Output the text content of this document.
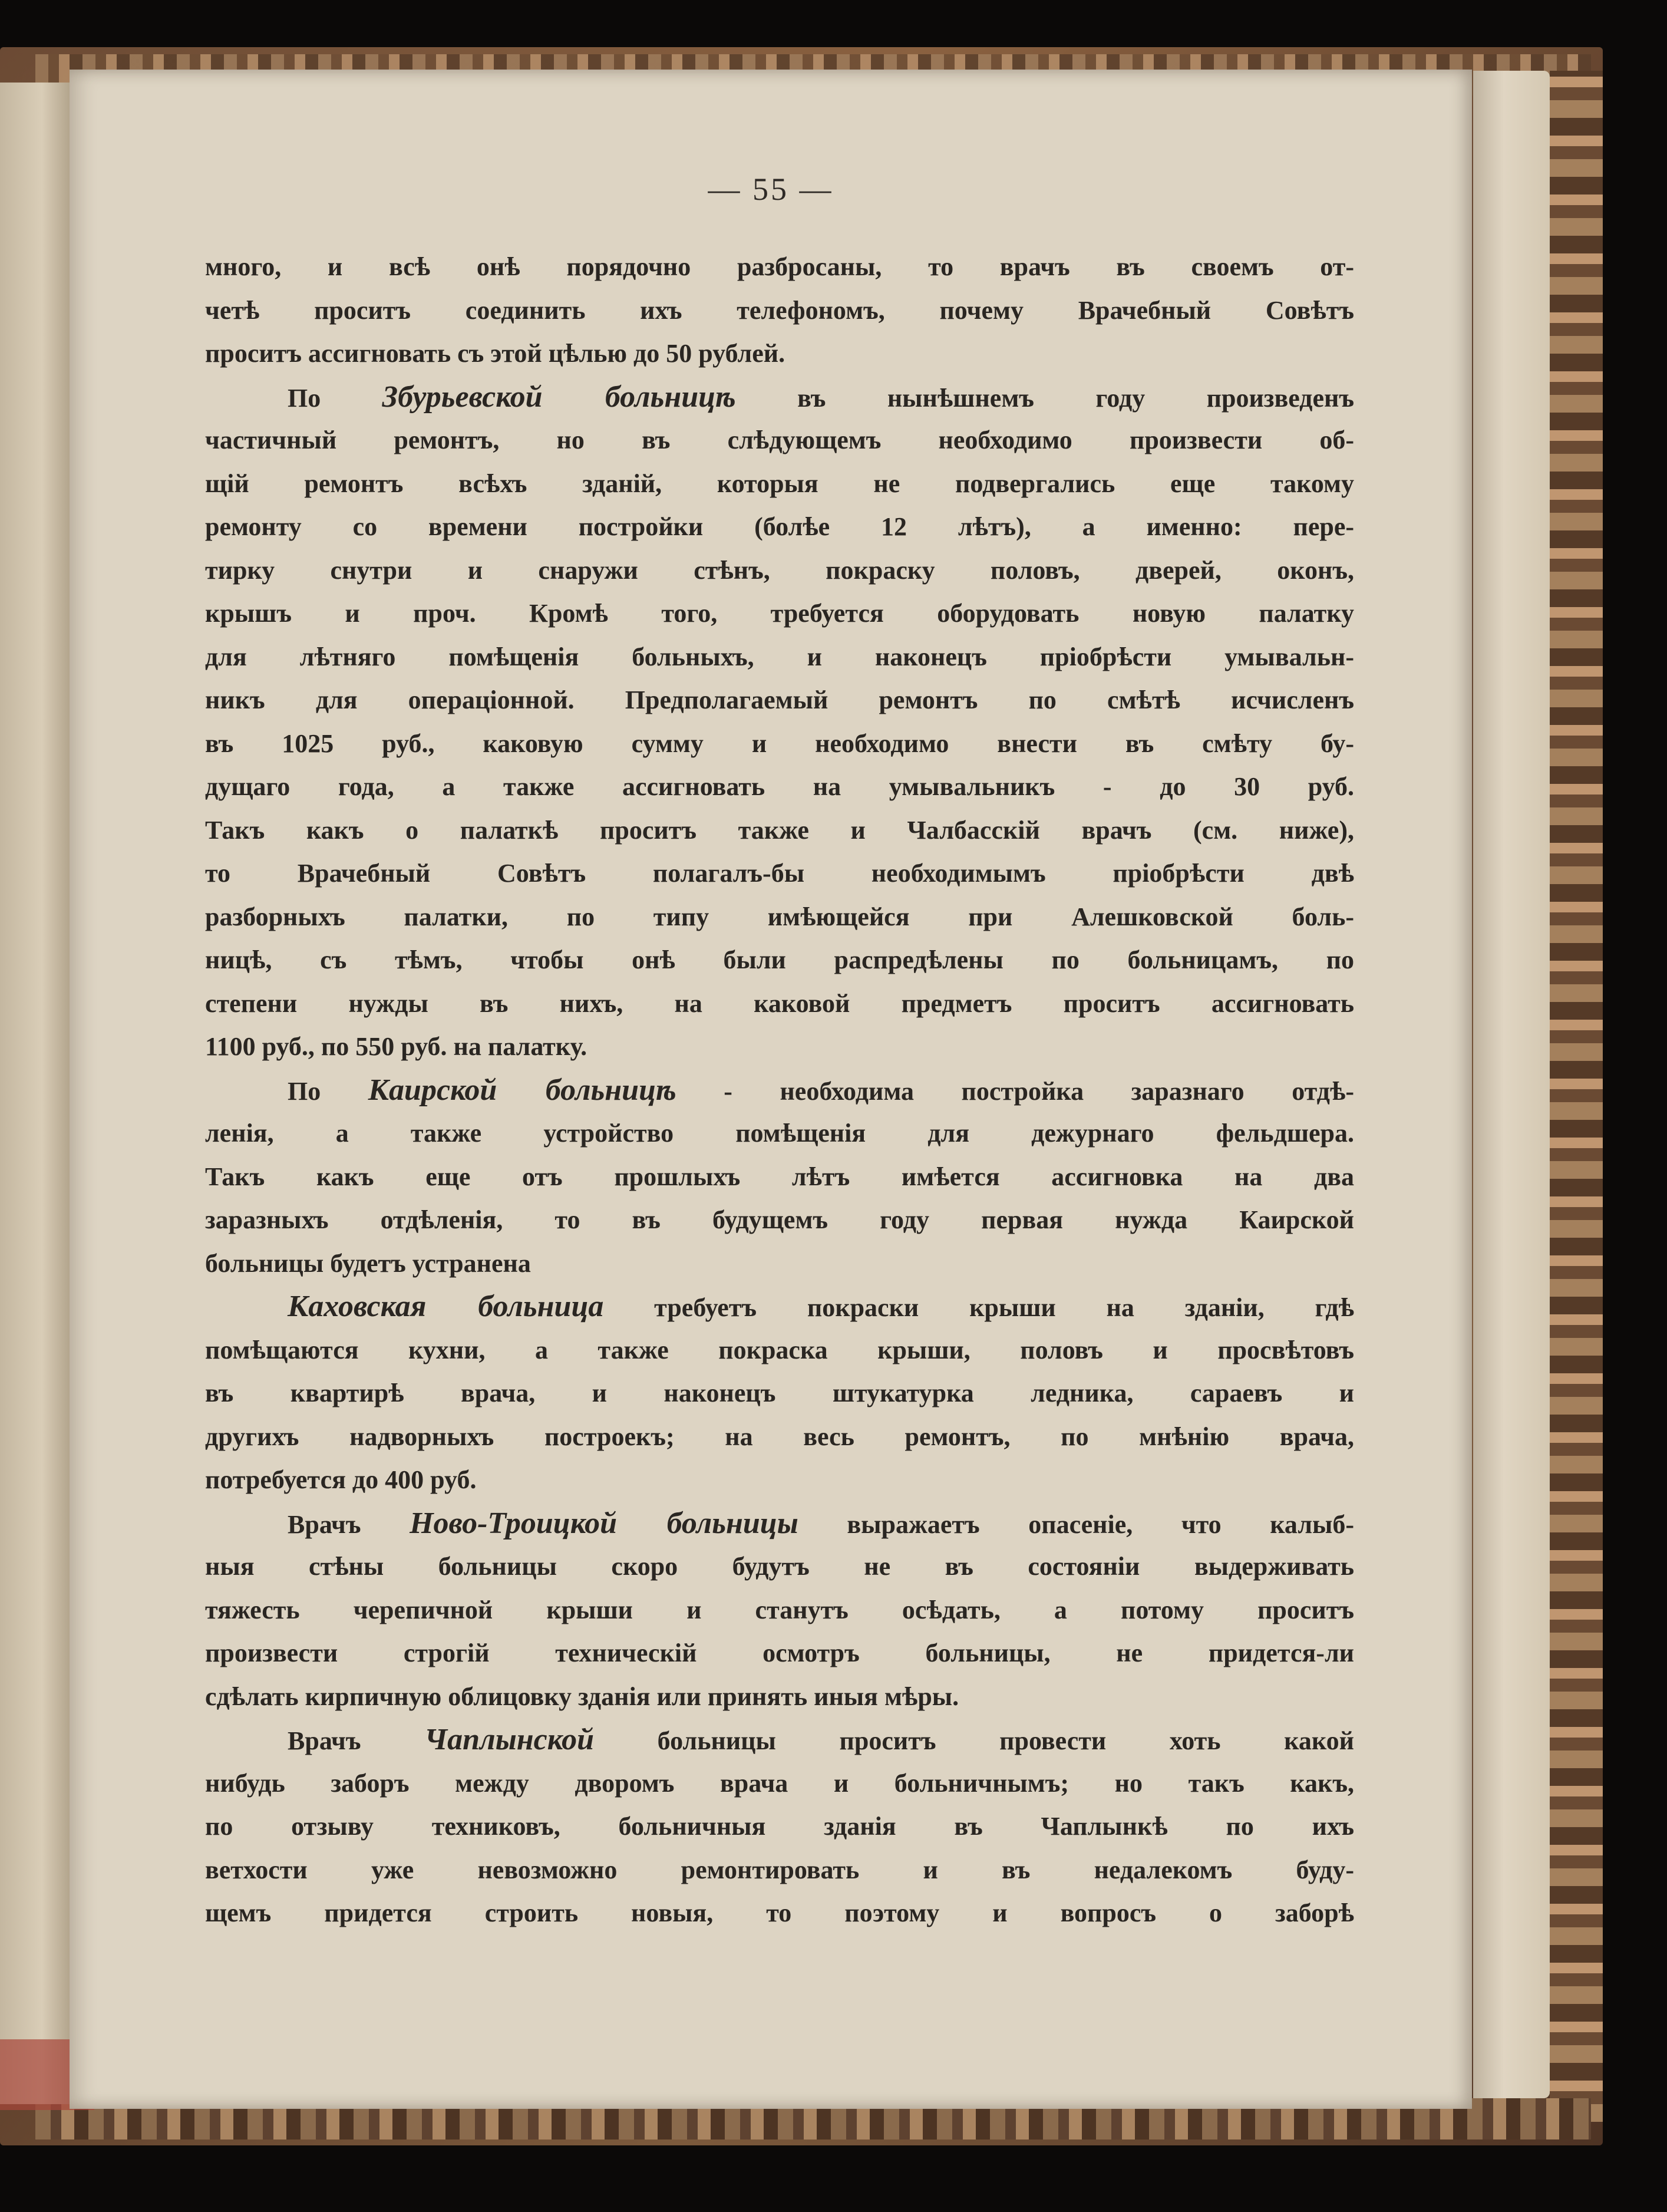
— 55 —
много, и всѣ онѣ порядочно разбросаны, то врачъ въ своемъ от-
четѣ проситъ соединить ихъ телефономъ, почему Врачебный Совѣтъ
проситъ ассигновать съ этой цѣлью до 50 рублей.
По Збурьевской больницѣ въ нынѣшнемъ году произведенъ
частичный ремонтъ, но въ слѣдующемъ необходимо произвести об-
щій ремонтъ всѣхъ зданій, которыя не подвергались еще такому
ремонту со времени постройки (болѣе 12 лѣтъ), а именно: пере-
тирку снутри и снаружи стѣнъ, покраску половъ, дверей, оконъ,
крышъ и проч. Кромѣ того, требуется оборудовать новую палатку
для лѣтняго помѣщенія больныхъ, и наконецъ пріобрѣсти умывальн-
никъ для операціонной. Предполагаемый ремонтъ по смѣтѣ исчисленъ
въ 1025 руб., каковую сумму и необходимо внести въ смѣту бу-
дущаго года, а также ассигновать на умывальникъ - до 30 руб.
Такъ какъ о палаткѣ проситъ также и Чалбасскій врачъ (см. ниже),
то Врачебный Совѣтъ полагалъ-бы необходимымъ пріобрѣсти двѣ
разборныхъ палатки, по типу имѣющейся при Алешковской боль-
ницѣ, съ тѣмъ, чтобы онѣ были распредѣлены по больницамъ, по
степени нужды въ нихъ, на каковой предметъ проситъ ассигновать
1100 руб., по 550 руб. на палатку.
По Каирской больницѣ - необходима постройка заразнаго отдѣ-
ленія, а также устройство помѣщенія для дежурнаго фельдшера.
Такъ какъ еще отъ прошлыхъ лѣтъ имѣется ассигновка на два
заразныхъ отдѣленія, то въ будущемъ году первая нужда Каирской
больницы будетъ устранена
Каховская больница требуетъ покраски крыши на зданіи, гдѣ
помѣщаются кухни, а также покраска крыши, половъ и просвѣтовъ
въ квартирѣ врача, и наконецъ штукатурка ледника, сараевъ и
другихъ надворныхъ построекъ; на весь ремонтъ, по мнѣнію врача,
потребуется до 400 руб.
Врачъ Ново-Троицкой больницы выражаетъ опасеніе, что калыб-
ныя стѣны больницы скоро будутъ не въ состояніи выдерживать
тяжесть черепичной крыши и станутъ осѣдать, а потому проситъ
произвести строгій техническій осмотръ больницы, не придется-ли
сдѣлать кирпичную облицовку зданія или принять иныя мѣры.
Врачъ Чаплынской больницы проситъ провести хоть какой
нибудь заборъ между дворомъ врача и больничнымъ; но такъ какъ,
по отзыву техниковъ, больничныя зданія въ Чаплынкѣ по ихъ
ветхости уже невозможно ремонтировать и въ недалекомъ буду-
щемъ придется строить новыя, то поэтому и вопросъ о заборѣ
